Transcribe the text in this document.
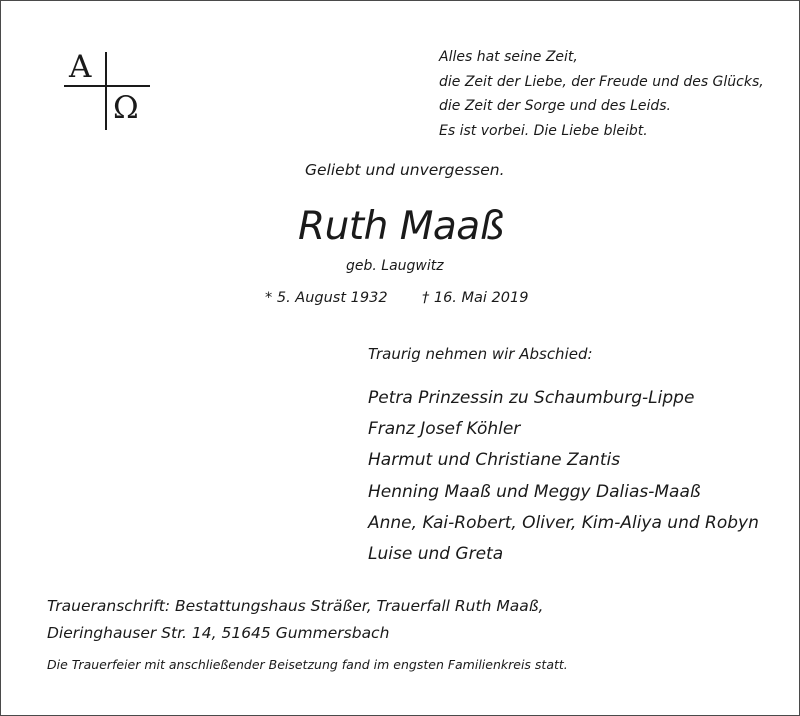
A
Ω
Alles hat seine Zeit,
die Zeit der Liebe, der Freude und des Glücks,
die Zeit der Sorge und des Leids.
Es ist vorbei. Die Liebe bleibt.
Geliebt und unvergessen.
Ruth Maaß
geb. Laugwitz
* 5. August 1932 † 16. Mai 2019
Traurig nehmen wir Abschied:
Petra Prinzessin zu Schaumburg-Lippe
Franz Josef Köhler
Harmut und Christiane Zantis
Henning Maaß und Meggy Dalias-Maaß
Anne, Kai-Robert, Oliver, Kim-Aliya und Robyn
Luise und Greta
Traueranschrift: Bestattungshaus Sträßer, Trauerfall Ruth Maaß,
Dieringhauser Str. 14, 51645 Gummersbach
Die Trauerfeier mit anschließender Beisetzung fand im engsten Familienkreis statt.
